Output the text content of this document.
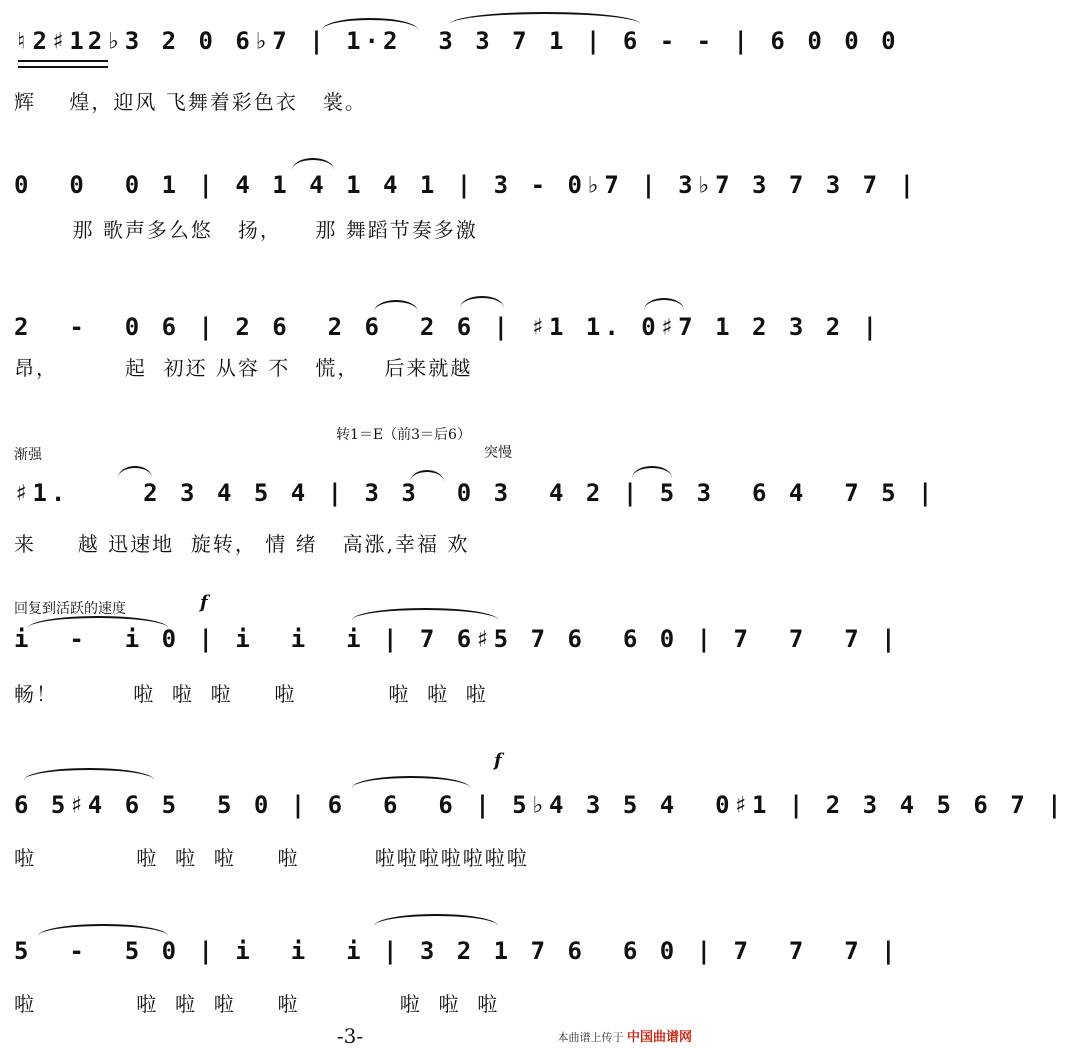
♮2♯12♭3 2 0 6♭7 | 1·2  3 3 7 1 | 6 - - | 6 0 0 0
辉    煌，迎风 飞舞着彩色衣   裳。
0  0  0 1 | 4 1 4 1 4 1 | 3 - 0♭7 | 3♭7 3 7 3 7 |
那 歌声多么悠   扬，    那 舞蹈节奏多激
2  -  0 6 | 2 6  2 6  2 6 | ♯1 1. 0♯7 1 2 3 2 |
昂，        起  初还 从容 不   慌，   后来就越
渐强
转1＝E（前3＝后6）
突慢
♯1.    2 3 4 5 4 | 3 3  0 3  4 2 | 5 3  6 4  7 5 |
来     越 迅速地  旋转， 情 绪   高涨,幸福 欢
回复到活跃的速度	f
i  -  i 0 | i  i  i | 7 6♯5 7 6  6 0 | 7  7  7 |
畅！         啦  啦  啦     啦           啦  啦  啦
f
6 5♯4 6 5  5 0 | 6  6  6 | 5♭4 3 5 4  0♯1 | 2 3 4 5 6 7 |
啦            啦  啦  啦     啦         啦啦啦啦啦啦啦
5  -  5 0 | i  i  i | 3 2 1 7 6  6 0 | 7  7  7 |
啦            啦  啦  啦     啦            啦  啦  啦
-3-	本曲谱上传于 中国曲谱网
